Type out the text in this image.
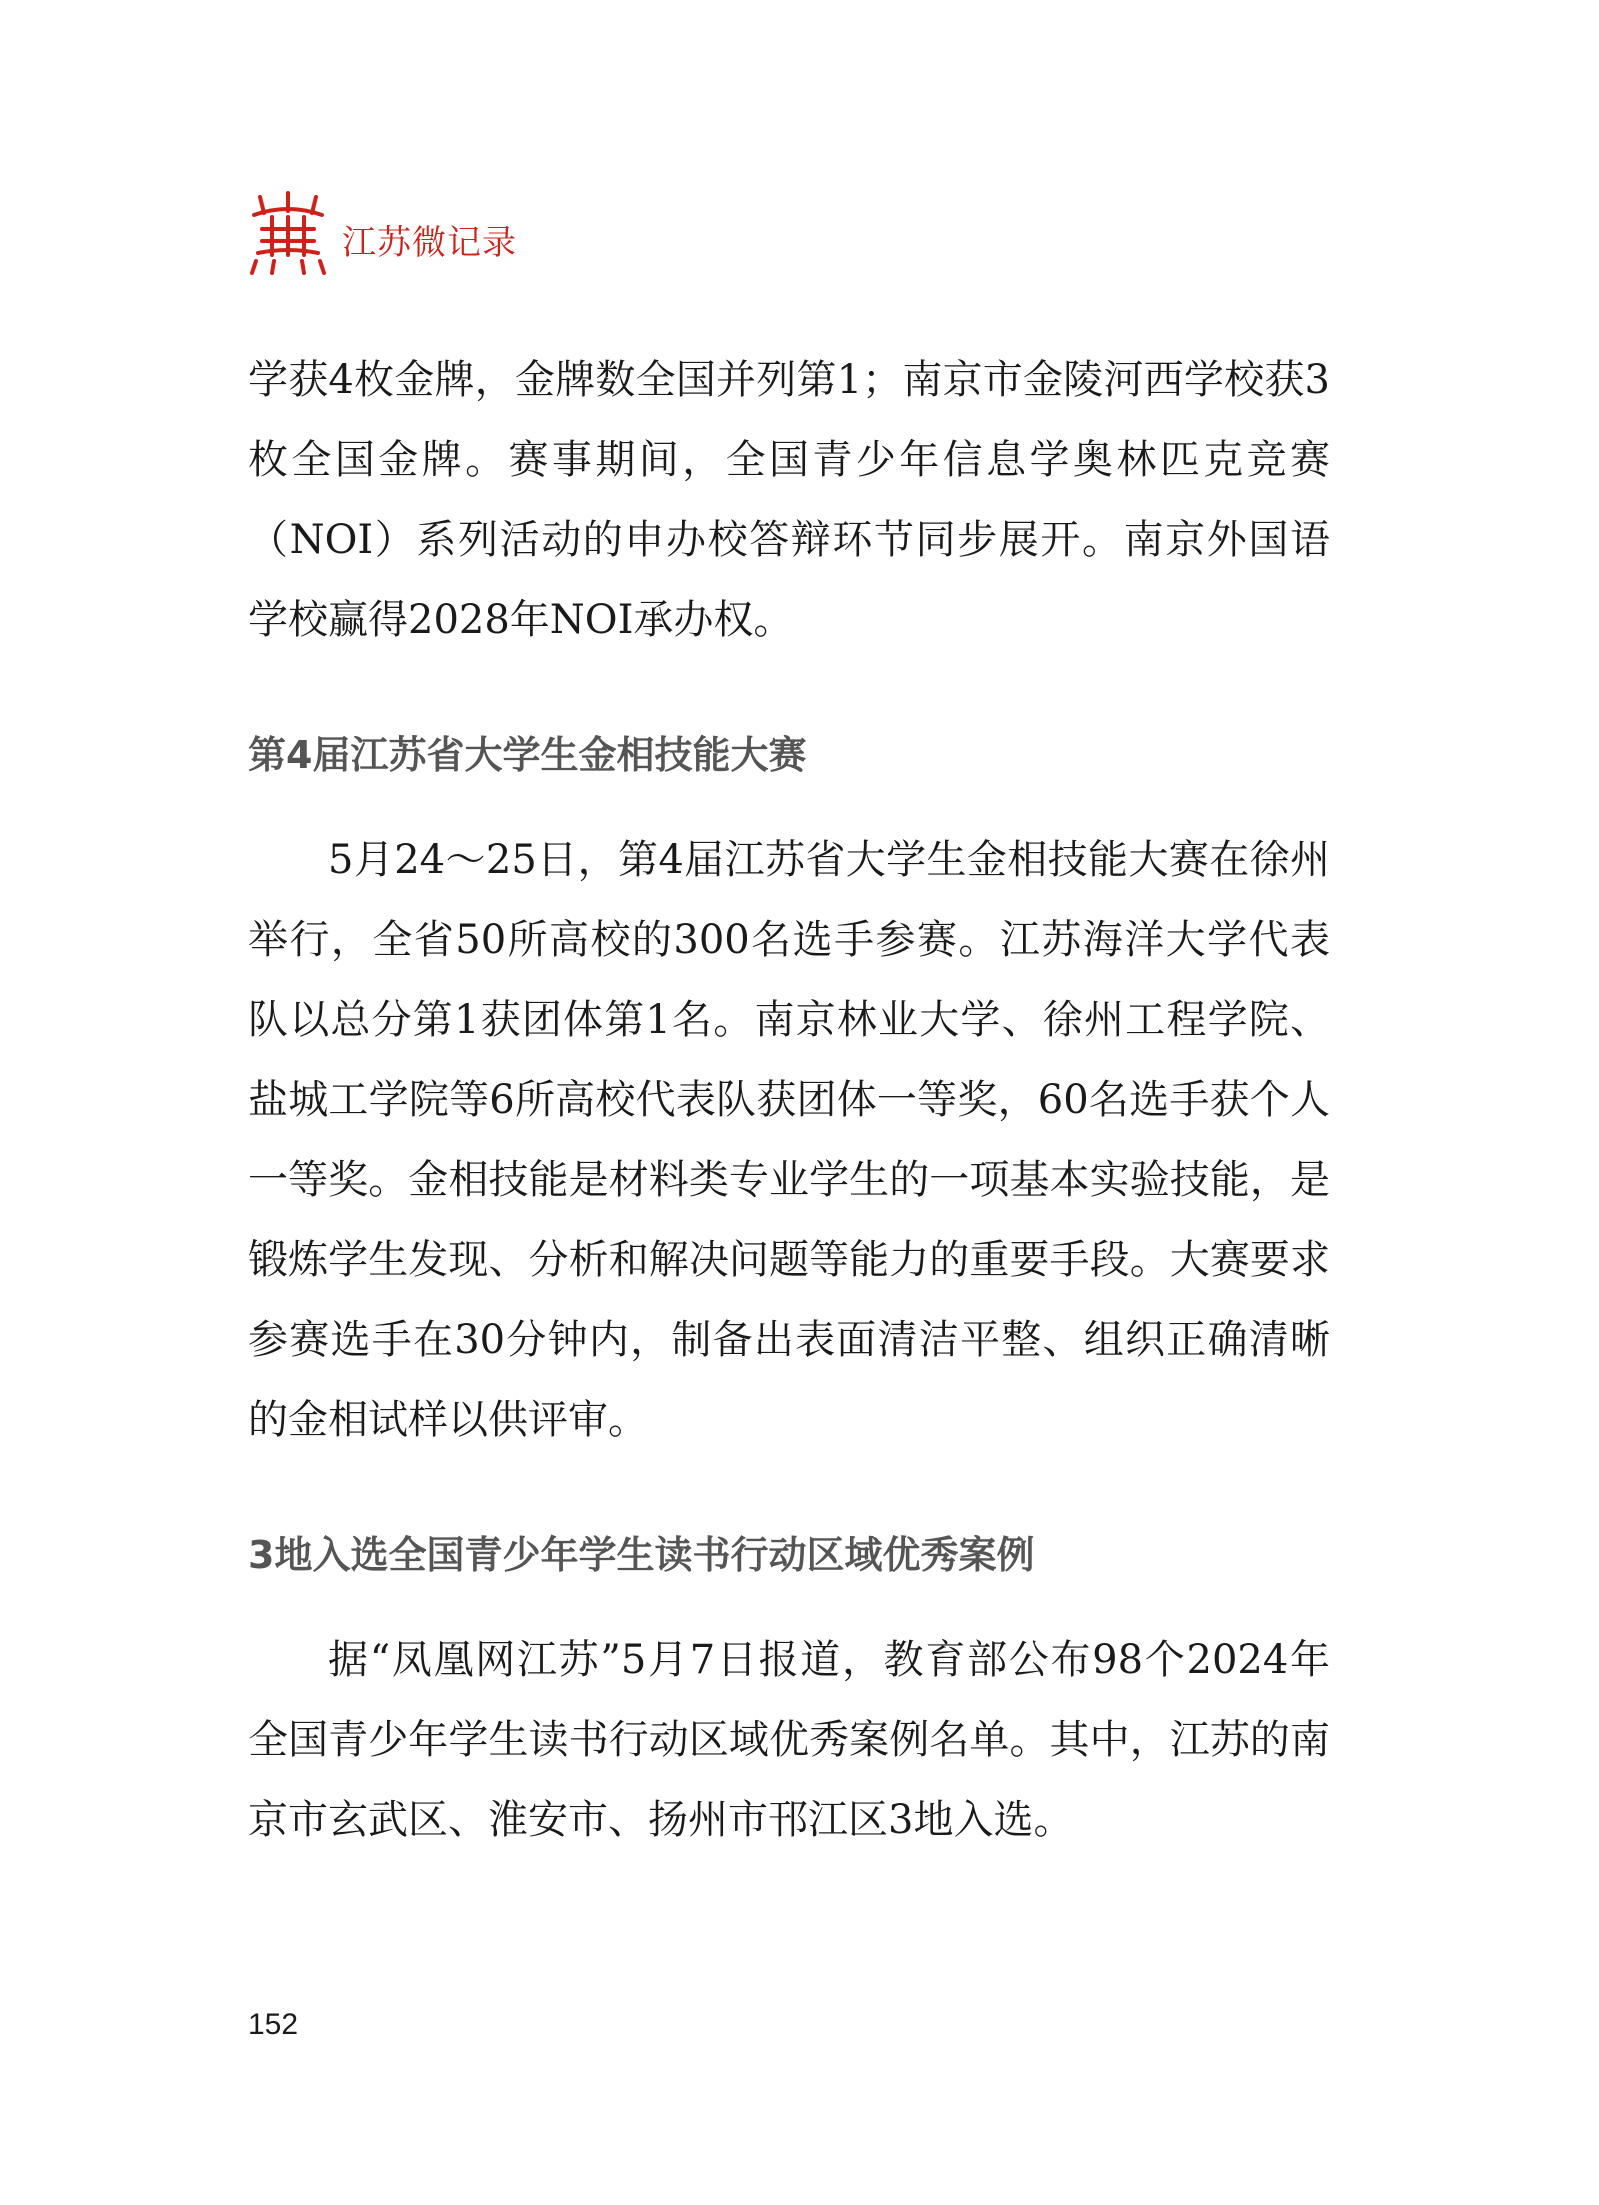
江苏微记录

学获4枚金牌，金牌数全国并列第1；南京市金陵河西学校获3枚全国金牌。赛事期间，全国青少年信息学奥林匹克竞赛（NOI）系列活动的申办校答辩环节同步展开。南京外国语学校赢得2028年NOI承办权。

第4届江苏省大学生金相技能大赛

5月24～25日，第4届江苏省大学生金相技能大赛在徐州举行，全省50所高校的300名选手参赛。江苏海洋大学代表队以总分第1获团体第1名。南京林业大学、徐州工程学院、盐城工学院等6所高校代表队获团体一等奖，60名选手获个人一等奖。金相技能是材料类专业学生的一项基本实验技能，是锻炼学生发现、分析和解决问题等能力的重要手段。大赛要求参赛选手在30分钟内，制备出表面清洁平整、组织正确清晰的金相试样以供评审。

3地入选全国青少年学生读书行动区域优秀案例

据“凤凰网江苏”5月7日报道，教育部公布98个2024年全国青少年学生读书行动区域优秀案例名单。其中，江苏的南京市玄武区、淮安市、扬州市邗江区3地入选。

152
